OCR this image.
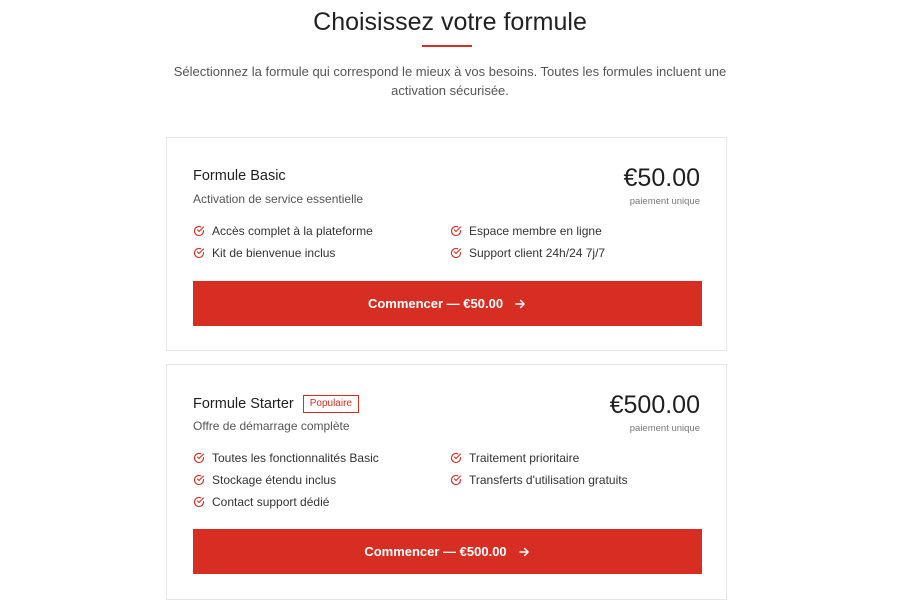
Choisissez votre formule

Sélectionnez la formule qui correspond le mieux à vos besoins. Toutes les formules incluent une activation sécurisée.

Formule Basic
Activation de service essentielle
€50.00
paiement unique
Accès complet à la plateforme	Espace membre en ligne
Kit de bienvenue inclus	Support client 24h/24 7j/7
Commencer — €50.00
Formule Starter	Populaire
Offre de démarrage complète
€500.00
paiement unique
Toutes les fonctionnalités Basic	Traitement prioritaire
Stockage étendu inclus	Transferts d'utilisation gratuits
Contact support dédié
Commencer — €500.00
